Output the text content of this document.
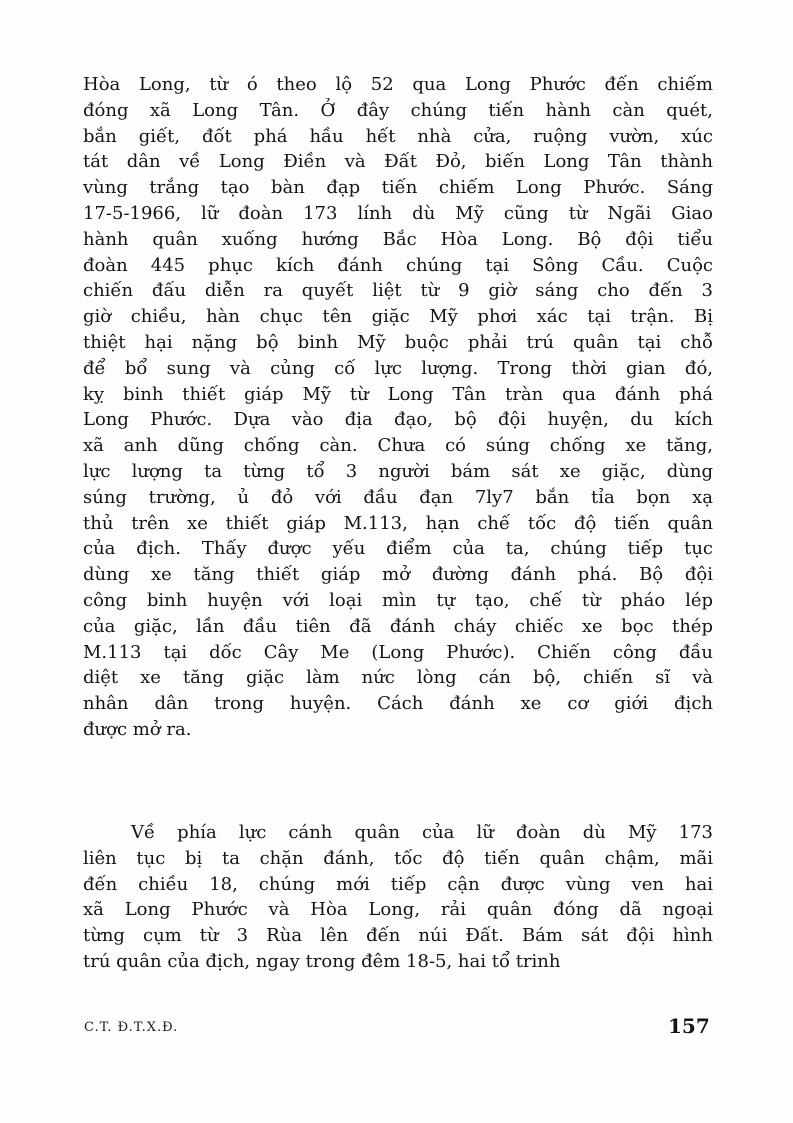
Hòa Long, từ ó theo lộ 52 qua Long Phước đến chiếm
đóng xã Long Tân. Ở đây chúng tiến hành càn quét,
bắn giết, đốt phá hầu hết nhà cửa, ruộng vườn, xúc
tát dân về Long Điền và Đất Đỏ, biến Long Tân thành
vùng trắng tạo bàn đạp tiến chiếm Long Phước. Sáng
17-5-1966, lữ đoàn 173 lính dù Mỹ cũng từ Ngãi Giao
hành quân xuống hướng Bắc Hòa Long. Bộ đội tiểu
đoàn 445 phục kích đánh chúng tại Sông Cầu. Cuộc
chiến đấu diễn ra quyết liệt từ 9 giờ sáng cho đến 3
giờ chiều, hàn chục tên giặc Mỹ phơi xác tại trận. Bị
thiệt hại nặng bộ binh Mỹ buộc phải trú quân tại chỗ
để bổ sung và củng cố lực lượng. Trong thời gian đó,
kỵ binh thiết giáp Mỹ từ Long Tân tràn qua đánh phá
Long Phước. Dựa vào địa đạo, bộ đội huyện, du kích
xã anh dũng chống càn. Chưa có súng chống xe tăng,
lực lượng ta từng tổ 3 người bám sát xe giặc, dùng
súng trường, ủ đỏ với đầu đạn 7ly7 bắn tỉa bọn xạ
thủ trên xe thiết giáp M.113, hạn chế tốc độ tiến quân
của địch. Thấy được yếu điểm của ta, chúng tiếp tục
dùng xe tăng thiết giáp mở đường đánh phá. Bộ đội
công binh huyện với loại mìn tự tạo, chế từ pháo lép
của giặc, lần đầu tiên đã đánh cháy chiếc xe bọc thép
M.113 tại dốc Cây Me (Long Phước). Chiến công đầu
diệt xe tăng giặc làm nức lòng cán bộ, chiến sĩ và
nhân dân trong huyện. Cách đánh xe cơ giới địch
được mở ra.
Về phía lực cánh quân của lữ đoàn dù Mỹ 173
liên tục bị ta chặn đánh, tốc độ tiến quân chậm, mãi
đến chiều 18, chúng mới tiếp cận được vùng ven hai
xã Long Phước và Hòa Long, rải quân đóng dã ngoại
từng cụm từ 3 Rùa lên đến núi Đất. Bám sát đội hình
trú quân của địch, ngay trong đêm 18-5, hai tổ trinh
C.T. Đ.T.X.Đ.	157
